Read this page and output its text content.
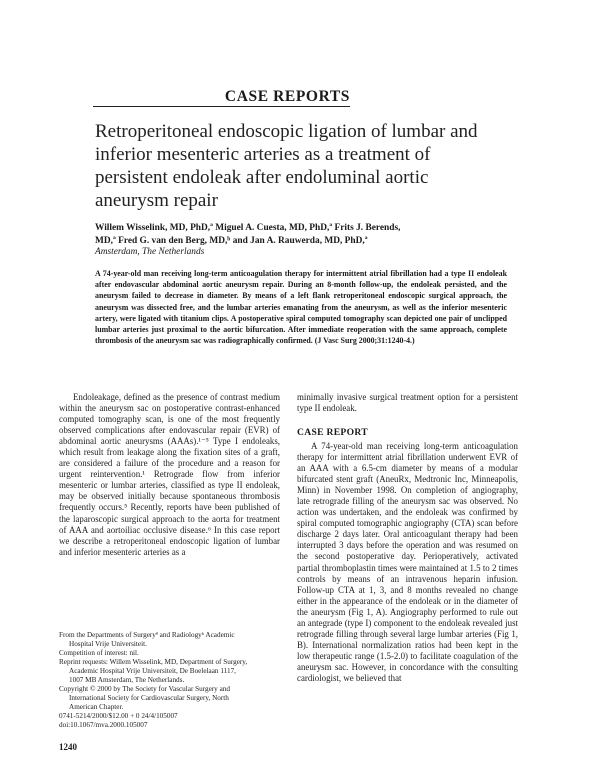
CASE REPORTS
Retroperitoneal endoscopic ligation of lumbar and inferior mesenteric arteries as a treatment of persistent endoleak after endoluminal aortic aneurysm repair
Willem Wisselink, MD, PhD,ª Miguel A. Cuesta, MD, PhD,ª Frits J. Berends,
MD,ª Fred G. van den Berg, MD,ᵇ and Jan A. Rauwerda, MD, PhD,ª
Amsterdam, The Netherlands

A 74-year-old man receiving long-term anticoagulation therapy for intermittent atrial fibrillation had a type II endoleak after endovascular abdominal aortic aneurysm repair. During an 8-month follow-up, the endoleak persisted, and the aneurysm failed to decrease in diameter. By means of a left flank retroperitoneal endoscopic surgical approach, the aneurysm was dissected free, and the lumbar arteries emanating from the aneurysm, as well as the inferior mesenteric artery, were ligated with titanium clips. A postoperative spiral computed tomography scan depicted one pair of unclipped lumbar arteries just proximal to the aortic bifurcation. After immediate reoperation with the same approach, complete thrombosis of the aneurysm sac was radiographically confirmed. (J Vasc Surg 2000;31:1240-4.)

Endoleakage, defined as the presence of contrast medium within the aneurysm sac on postoperative contrast-enhanced computed tomography scan, is one of the most frequently observed complications after endovascular repair (EVR) of abdominal aortic aneurysms (AAAs).¹⁻⁵ Type I endoleaks, which result from leakage along the fixation sites of a graft, are considered a failure of the procedure and a reason for urgent reintervention.¹ Retrograde flow from inferior mesenteric or lumbar arteries, classified as type II endoleak, may be observed initially because spontaneous thrombosis frequently occurs.⁵ Recently, reports have been published of the laparoscopic surgical approach to the aorta for treatment of AAA and aortoiliac occlusive disease.⁶ In this case report we describe a retroperitoneal endoscopic ligation of lumbar and inferior mesenteric arteries as a

minimally invasive surgical treatment option for a persistent type II endoleak.

CASE REPORT

A 74-year-old man receiving long-term anticoagulation therapy for intermittent atrial fibrillation underwent EVR of an AAA with a 6.5-cm diameter by means of a modular bifurcated stent graft (AneuRx, Medtronic Inc, Minneapolis, Minn) in November 1998. On completion of angiography, late retrograde filling of the aneurysm sac was observed. No action was undertaken, and the endoleak was confirmed by spiral computed tomographic angiography (CTA) scan before discharge 2 days later. Oral anticoagulant therapy had been interrupted 3 days before the operation and was resumed on the second postoperative day. Perioperatively, activated partial thromboplastin times were maintained at 1.5 to 2 times controls by means of an intravenous heparin infusion. Follow-up CTA at 1, 3, and 8 months revealed no change either in the appearance of the endoleak or in the diameter of the aneurysm (Fig 1, A). Angiography performed to rule out an antegrade (type I) component to the endoleak revealed just retrograde filling through several large lumbar arteries (Fig 1, B). International normalization ratios had been kept in the low therapeutic range (1.5-2.0) to facilitate coagulation of the aneurysm sac. However, in concordance with the consulting cardiologist, we believed that

From the Departments of Surgeryª and Radiologyᵇ Academic

Hospital Vrije Universiteit.

Competition of interest: nil.

Reprint requests: Willem Wisselink, MD, Department of Surgery,

Academic Hospital Vrije Universiteit, De Boelelaan 1117,

1007 MB Amsterdam, The Netherlands.

Copyright © 2000 by The Society for Vascular Surgery and

International Society for Cardiovascular Surgery, North

American Chapter.

0741-5214/2000/$12.00 + 0 24/4/105007

doi:10.1067/mva.2000.105007

1240
